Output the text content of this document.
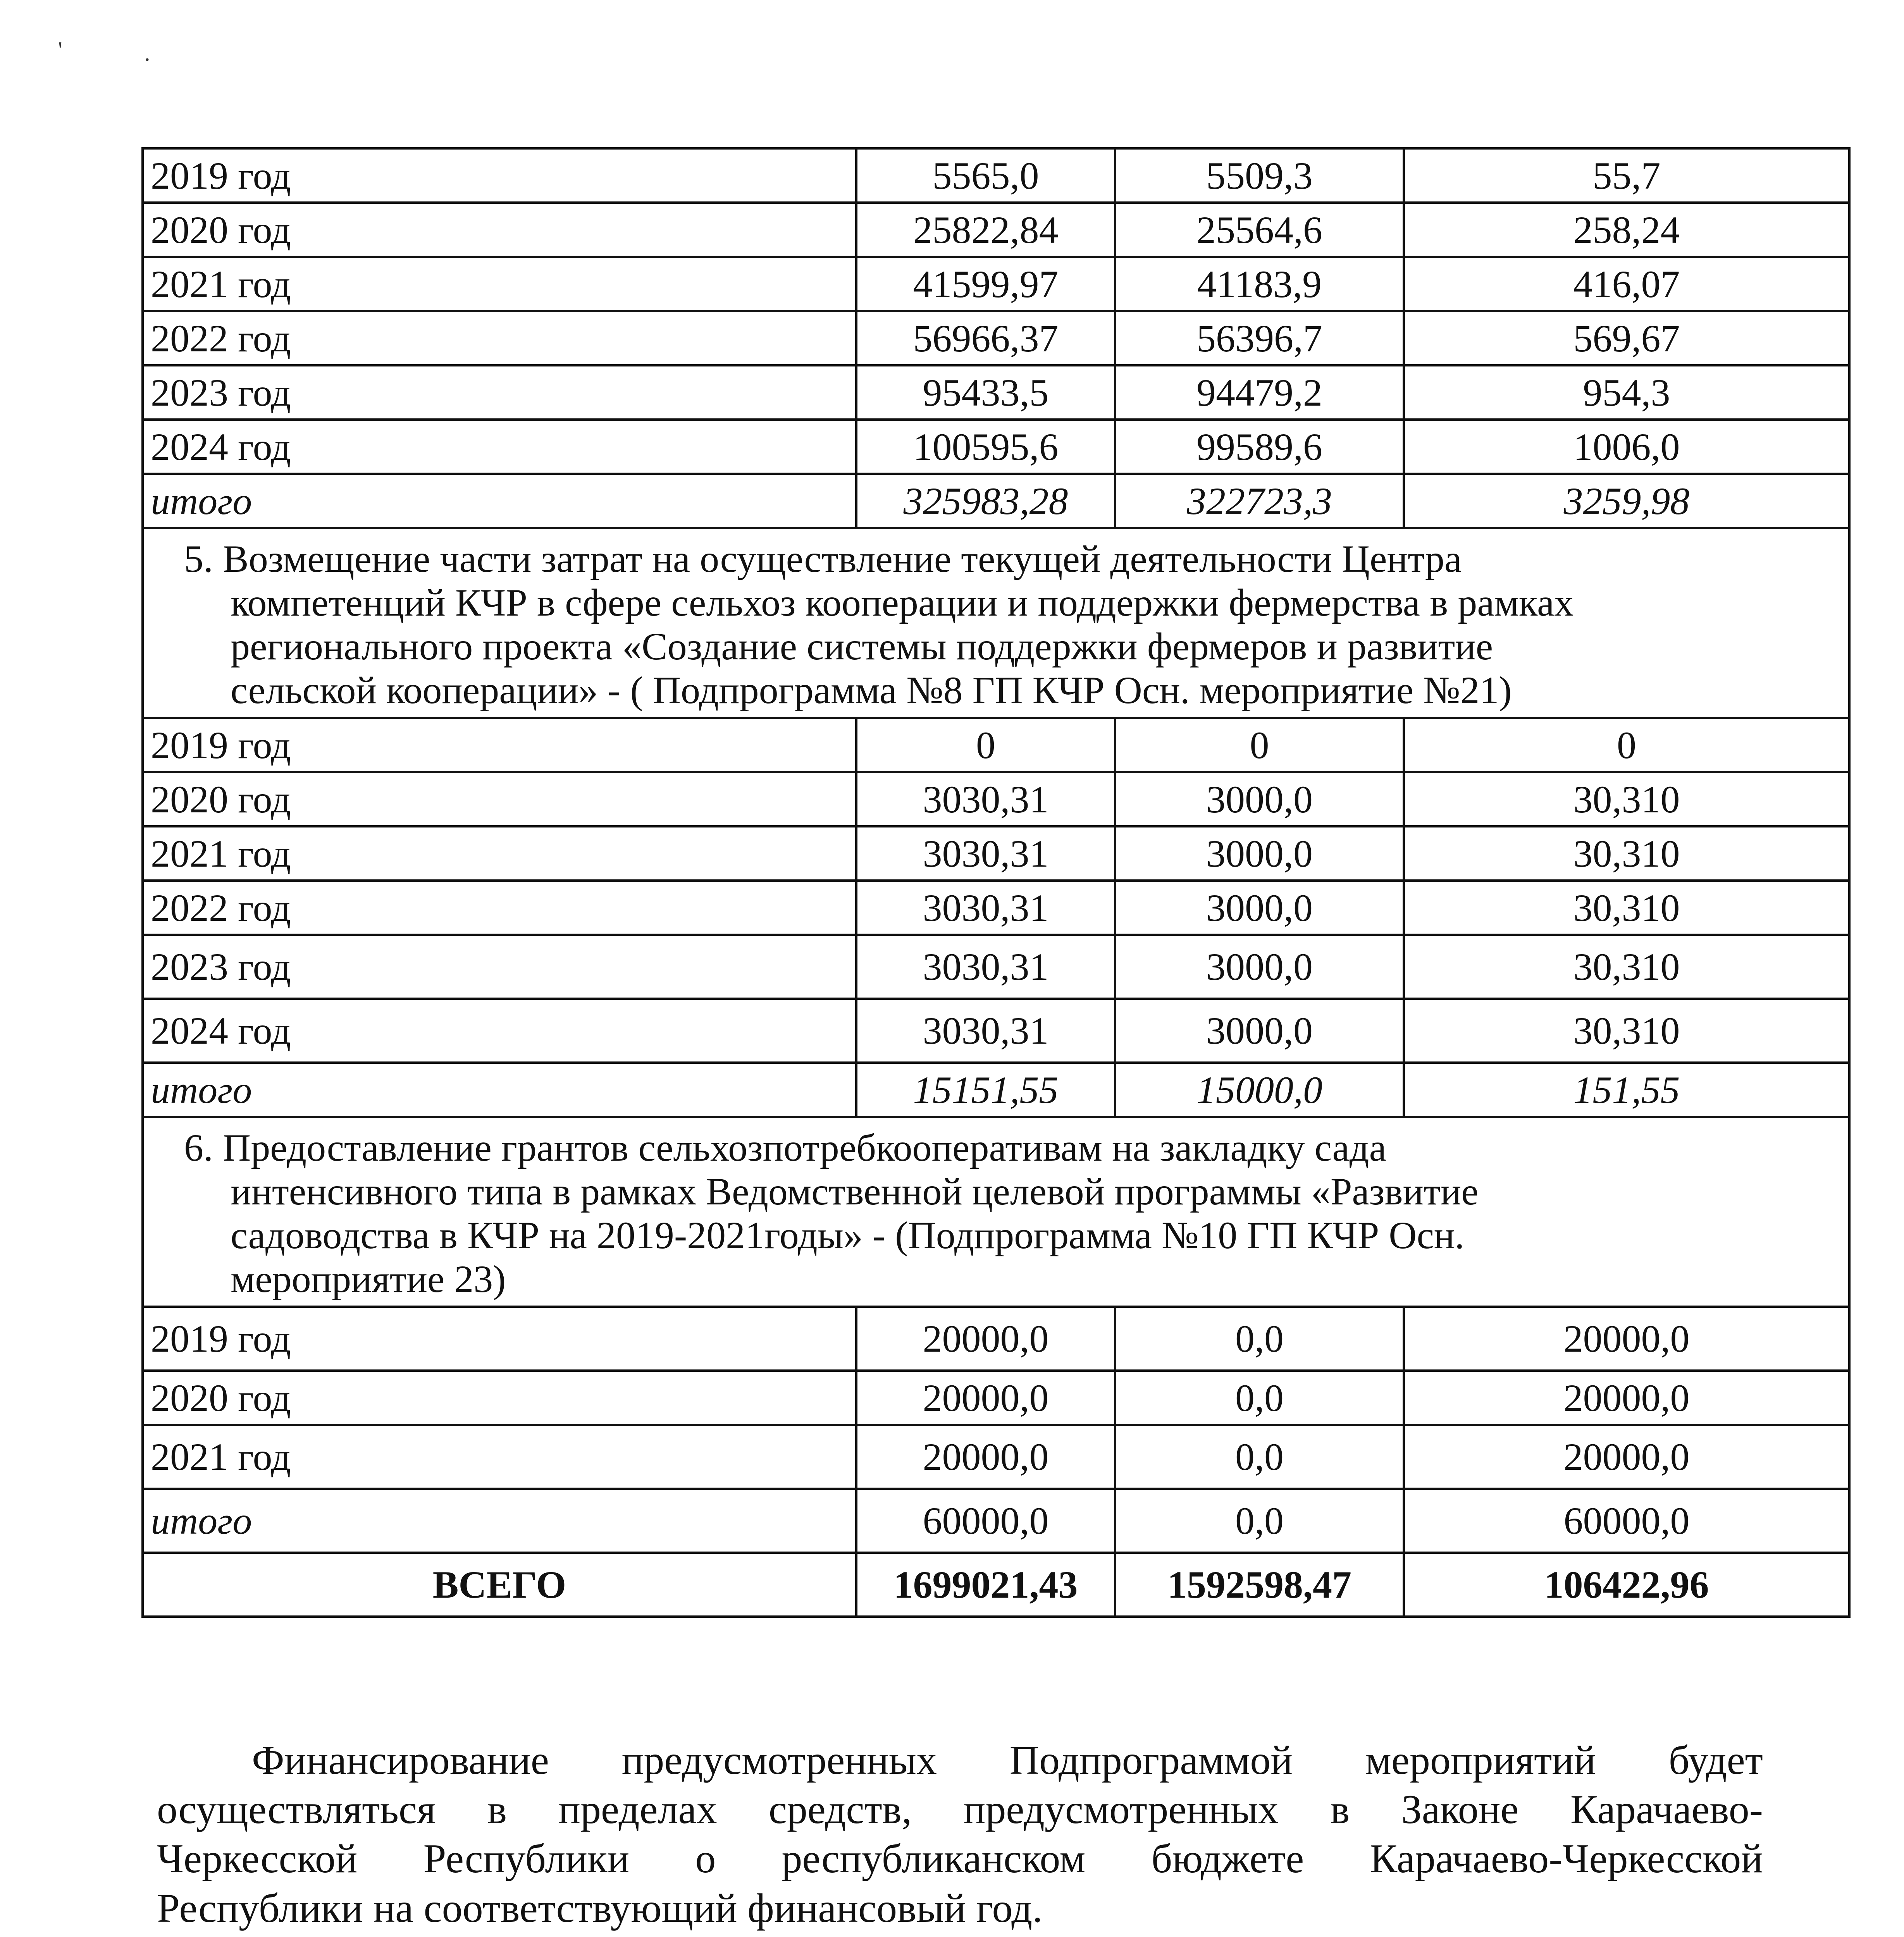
'	·
2019 год	5565,0	5509,3	55,7
2020 год	25822,84	25564,6	258,24
2021 год	41599,97	41183,9	416,07
2022 год	56966,37	56396,7	569,67
2023 год	95433,5	94479,2	954,3
2024 год	100595,6	99589,6	1006,0
итого	325983,28	322723,3	3259,98

5. Возмещение части затрат на осуществление текущей деятельности Центра
компетенций КЧР в сфере сельхоз кооперации и поддержки фермерства в рамках
регионального проекта «Создание системы поддержки фермеров и развитие
сельской кооперации» - ( Подпрограмма №8 ГП КЧР Осн. мероприятие №21)			

2019 год	0	0	0
2020 год	3030,31	3000,0	30,310
2021 год	3030,31	3000,0	30,310
2022 год	3030,31	3000,0	30,310
2023 год	3030,31	3000,0	30,310
2024 год	3030,31	3000,0	30,310
итого	15151,55	15000,0	151,55

6. Предоставление грантов сельхозпотребкооперативам на закладку сада
интенсивного типа в рамках Ведомственной целевой программы «Развитие
садоводства в КЧР на 2019-2021годы» - (Подпрограмма №10 ГП КЧР Осн.
мероприятие 23)			

2019 год	20000,0	0,0	20000,0
2020 год	20000,0	0,0	20000,0
2021 год	20000,0	0,0	20000,0
итого	60000,0	0,0	60000,0
ВСЕГО	1699021,43	1592598,47	106422,96
Финансирование предусмотренных Подпрограммой мероприятий будет
осуществляться в пределах средств, предусмотренных в Законе Карачаево-
Черкесской Республики о республиканском бюджете Карачаево-Черкесской
Республики на соответствующий финансовый год.
